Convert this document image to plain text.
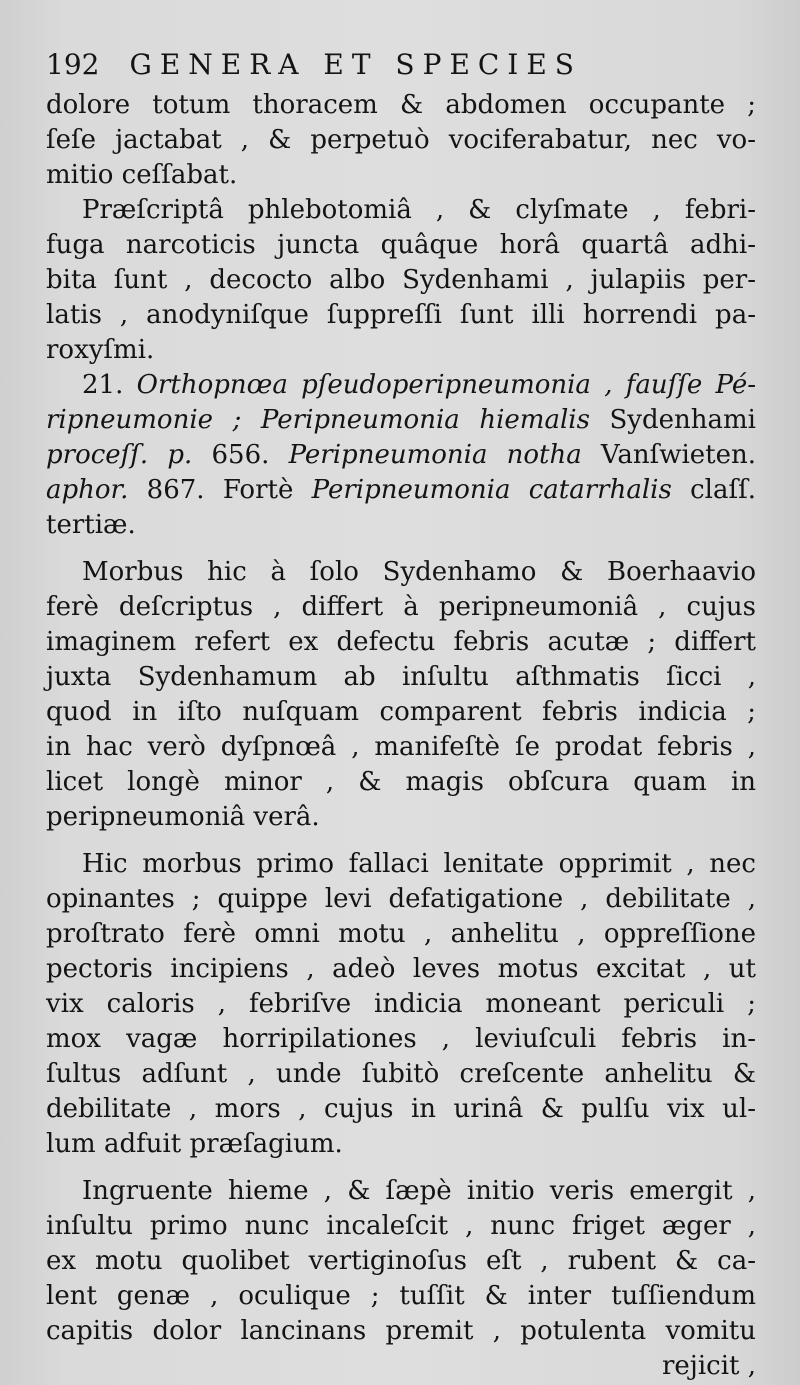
192 GENERA ET SPECIES
dolore totum thoracem & abdomen occupante ;
ſeſe jactabat , & perpetuò vociferabatur, nec vo-
mitio ceſſabat.
Præſcriptâ phlebotomiâ , & clyſmate , febri-
fuga narcoticis juncta quâque horâ quartâ adhi-
bita ſunt , decocto albo Sydenhami , julapiis per-
latis , anodyniſque ſuppreſſi ſunt illi horrendi pa-
roxyſmi.
21. Orthopnœa pſeudoperipneumonia , fauſſe Pé-
ripneumonie ; Peripneumonia hiemalis Sydenhami
proceſſ. p. 656. Peripneumonia notha Vanſwieten.
aphor. 867. Fortè Peripneumonia catarrhalis claſſ.
tertiæ.
Morbus hic à ſolo Sydenhamo & Boerhaavio
ferè deſcriptus , differt à peripneumoniâ , cujus
imaginem refert ex defectu febris acutæ ; differt
juxta Sydenhamum ab inſultu aſthmatis ſicci ,
quod in iſto nuſquam comparent febris indicia ;
in hac verò dyſpnœâ , manifeſtè ſe prodat febris ,
licet longè minor , & magis obſcura quam in
peripneumoniâ verâ.
Hic morbus primo fallaci lenitate opprimit , nec
opinantes ; quippe levi defatigatione , debilitate ,
proſtrato ferè omni motu , anhelitu , oppreſſione
pectoris incipiens , adeò leves motus excitat , ut
vix caloris , febriſve indicia moneant periculi ;
mox vagæ horripilationes , leviuſculi febris in-
ſultus adſunt , unde ſubitò creſcente anhelitu &
debilitate , mors , cujus in urinâ & pulſu vix ul-
lum adfuit præſagium.
Ingruente hieme , & ſæpè initio veris emergit ,
inſultu primo nunc incaleſcit , nunc friget æger ,
ex motu quolibet vertiginoſus eſt , rubent & ca-
lent genæ , oculique ; tuſſit & inter tuſſiendum
capitis dolor lancinans premit , potulenta vomitu
rejicit ,
